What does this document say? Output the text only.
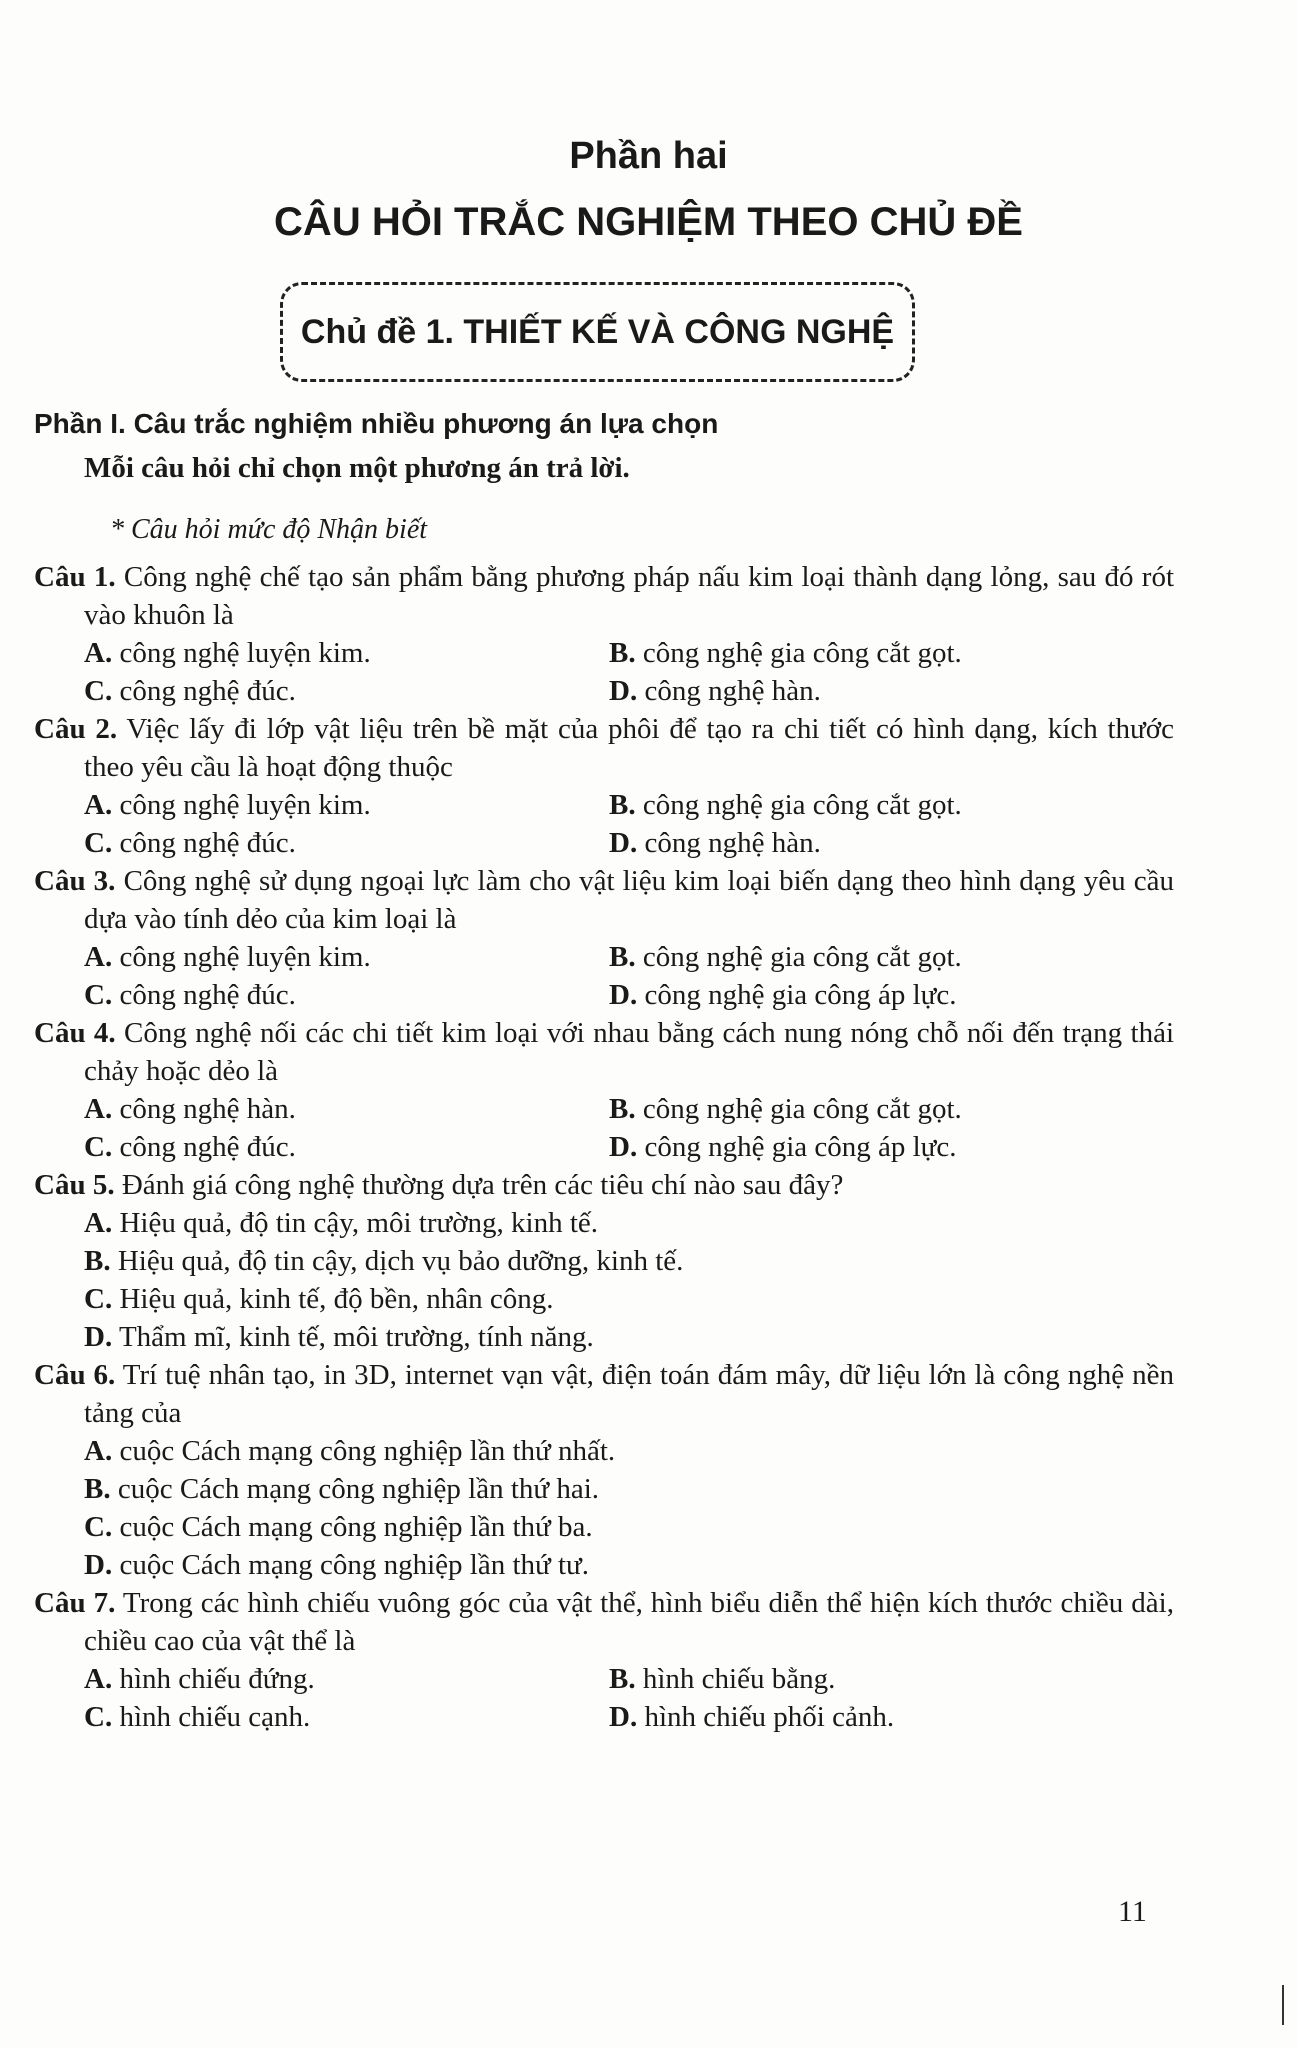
Phần hai
CÂU HỎI TRẮC NGHIỆM THEO CHỦ ĐỀ
Chủ đề 1. THIẾT KẾ VÀ CÔNG NGHỆ
Phần I. Câu trắc nghiệm nhiều phương án lựa chọn
Mỗi câu hỏi chỉ chọn một phương án trả lời.
* Câu hỏi mức độ Nhận biết
Câu 1. Công nghệ chế tạo sản phẩm bằng phương pháp nấu kim loại thành dạng lỏng, sau đó rót vào khuôn là
A. công nghệ luyện kim.	B. công nghệ gia công cắt gọt.
C. công nghệ đúc.	D. công nghệ hàn.
Câu 2. Việc lấy đi lớp vật liệu trên bề mặt của phôi để tạo ra chi tiết có hình dạng, kích thước theo yêu cầu là hoạt động thuộc
A. công nghệ luyện kim.	B. công nghệ gia công cắt gọt.
C. công nghệ đúc.	D. công nghệ hàn.
Câu 3. Công nghệ sử dụng ngoại lực làm cho vật liệu kim loại biến dạng theo hình dạng yêu cầu dựa vào tính dẻo của kim loại là
A. công nghệ luyện kim.	B. công nghệ gia công cắt gọt.
C. công nghệ đúc.	D. công nghệ gia công áp lực.
Câu 4. Công nghệ nối các chi tiết kim loại với nhau bằng cách nung nóng chỗ nối đến trạng thái chảy hoặc dẻo là
A. công nghệ hàn.	B. công nghệ gia công cắt gọt.
C. công nghệ đúc.	D. công nghệ gia công áp lực.
Câu 5. Đánh giá công nghệ thường dựa trên các tiêu chí nào sau đây?
A. Hiệu quả, độ tin cậy, môi trường, kinh tế.
B. Hiệu quả, độ tin cậy, dịch vụ bảo dưỡng, kinh tế.
C. Hiệu quả, kinh tế, độ bền, nhân công.
D. Thẩm mĩ, kinh tế, môi trường, tính năng.
Câu 6. Trí tuệ nhân tạo, in 3D, internet vạn vật, điện toán đám mây, dữ liệu lớn là công nghệ nền tảng của
A. cuộc Cách mạng công nghiệp lần thứ nhất.
B. cuộc Cách mạng công nghiệp lần thứ hai.
C. cuộc Cách mạng công nghiệp lần thứ ba.
D. cuộc Cách mạng công nghiệp lần thứ tư.
Câu 7. Trong các hình chiếu vuông góc của vật thể, hình biểu diễn thể hiện kích thước chiều dài, chiều cao của vật thể là
A. hình chiếu đứng.	B. hình chiếu bằng.
C. hình chiếu cạnh.	D. hình chiếu phối cảnh.
11
